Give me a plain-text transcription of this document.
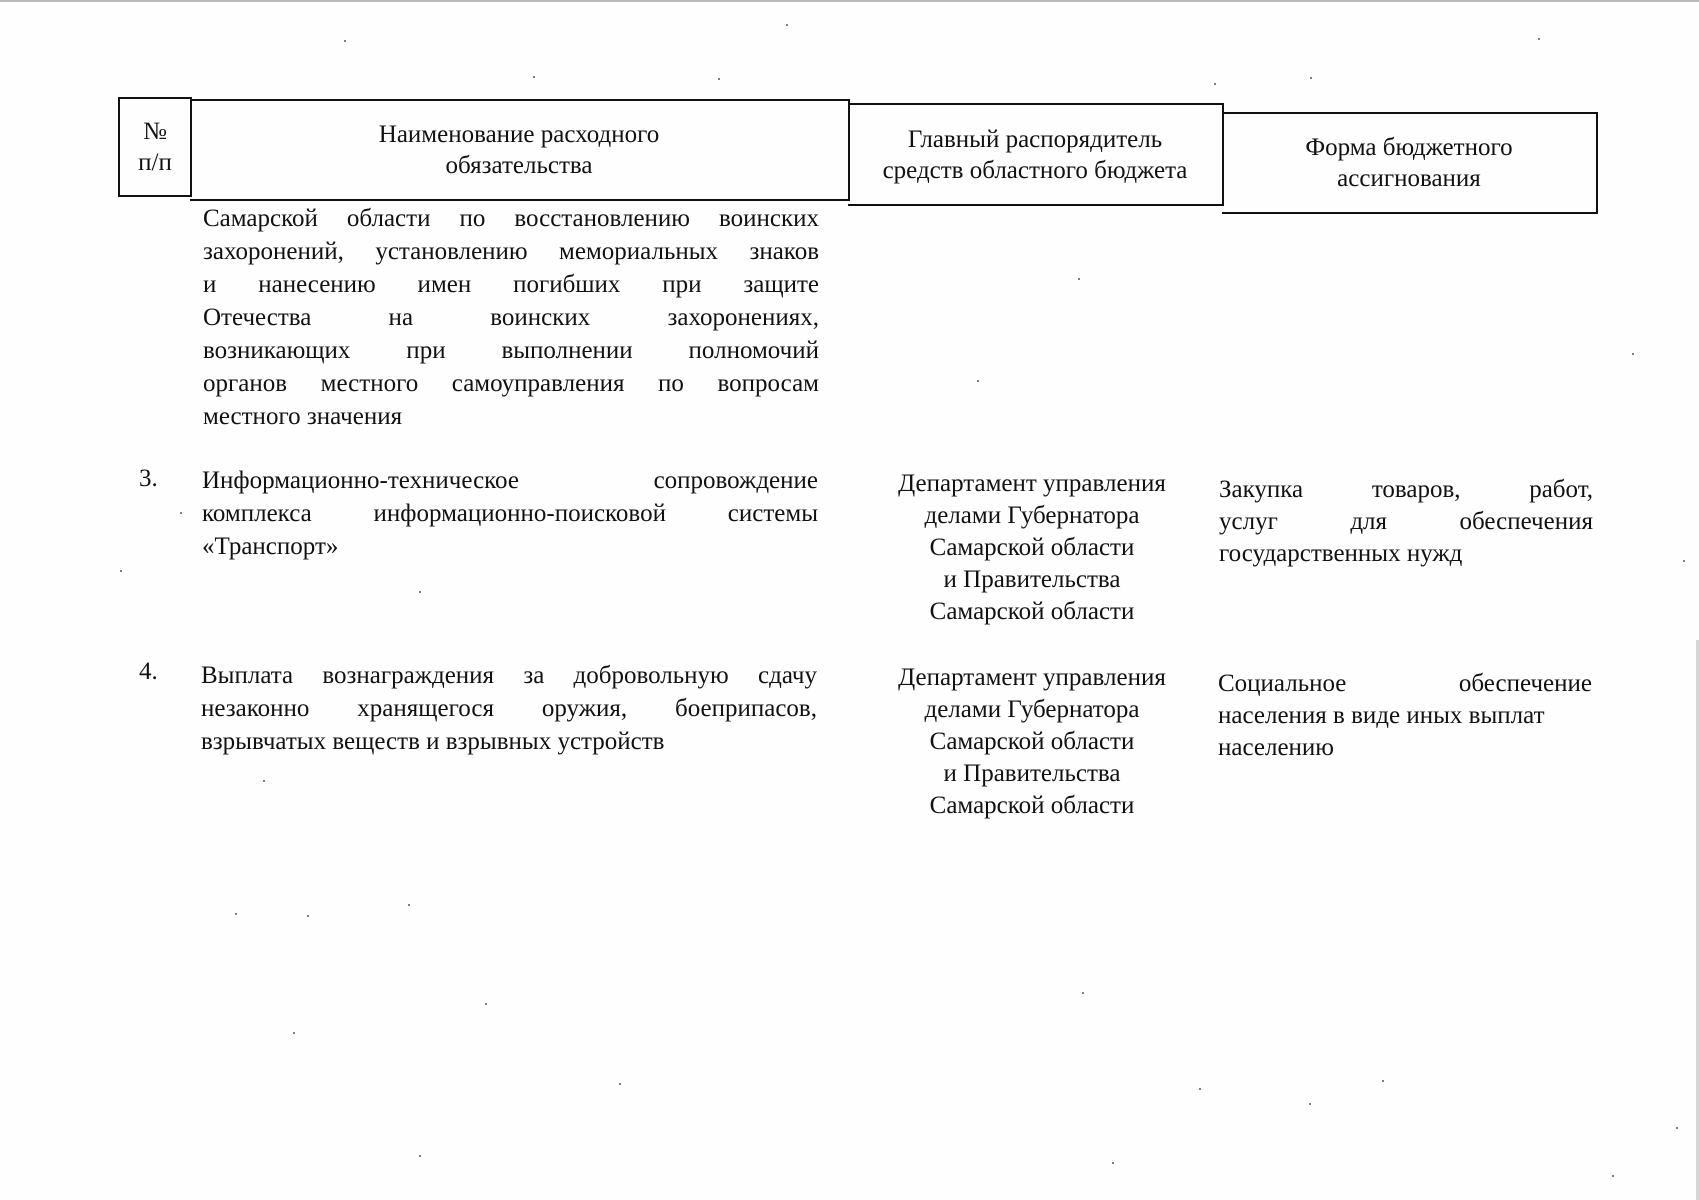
№
п/п
Наименование расходного
обязательства
Главный распорядитель
средств областного бюджета
Форма бюджетного
ассигнования
Самарской области по восстановлению воинских
захоронений, установлению мемориальных знаков
и нанесению имен погибших при защите
Отечества на воинских захоронениях,
возникающих при выполнении полномочий
органов местного самоуправления по вопросам
местного значения
3. Информационно-техническое сопровождение
комплекса информационно-поисковой системы
«Транспорт»
Департамент управления
делами Губернатора
Самарской области
и Правительства
Самарской области
Закупка товаров, работ,
услуг для обеспечения
государственных нужд
4. Выплата вознаграждения за добровольную сдачу
незаконно хранящегося оружия, боеприпасов,
взрывчатых веществ и взрывных устройств
Департамент управления
делами Губернатора
Самарской области
и Правительства
Самарской области
Социальное обеспечение
населения в виде иных выплат
населению
